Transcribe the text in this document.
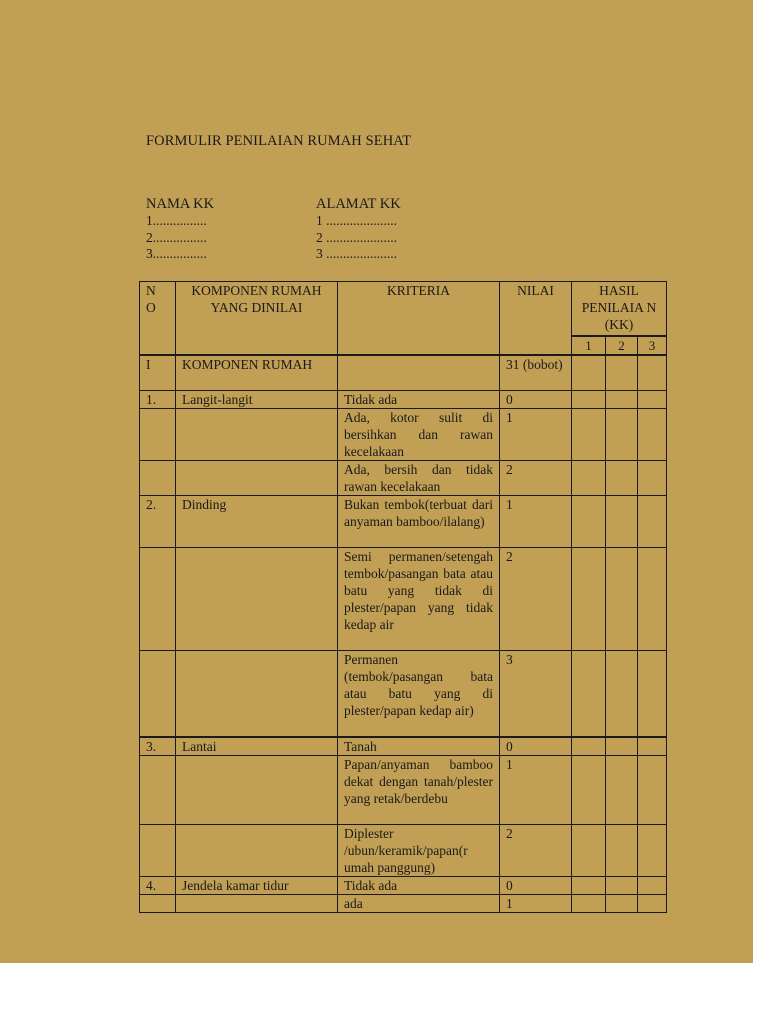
FORMULIR PENILAIAN RUMAH SEHAT
NAMA KK
1................
2................
3................
ALAMAT KK
1 .....................
2 .....................
3 .....................
N O	KOMPONEN RUMAH YANG DINILAI	KRITERIA	NILAI	HASIL PENILAIA N (KK)		
				1	2	3
I	KOMPONEN RUMAH		31 (bobot)			
1.	Langit-langit	Tidak ada	0			
		Ada, kotor sulit di bersihkan dan rawan kecelakaan	1			
		Ada, bersih dan tidak rawan kecelakaan	2			
2.	Dinding	Bukan tembok(terbuat dari anyaman bamboo/ilalang)	1			
		Semi permanen/setengah tembok/pasangan bata atau batu yang tidak di plester/papan yang tidak kedap air	2			
		Permanen (tembok/pasangan bata atau batu yang di plester/papan kedap air)	3			
3.	Lantai	Tanah	0			
		Papan/anyaman bamboo dekat dengan tanah/plester yang retak/berdebu	1			
		Diplester /ubun/keramik/papan(r umah panggung)	2			
4.	Jendela kamar tidur	Tidak ada	0			
		ada	1			
